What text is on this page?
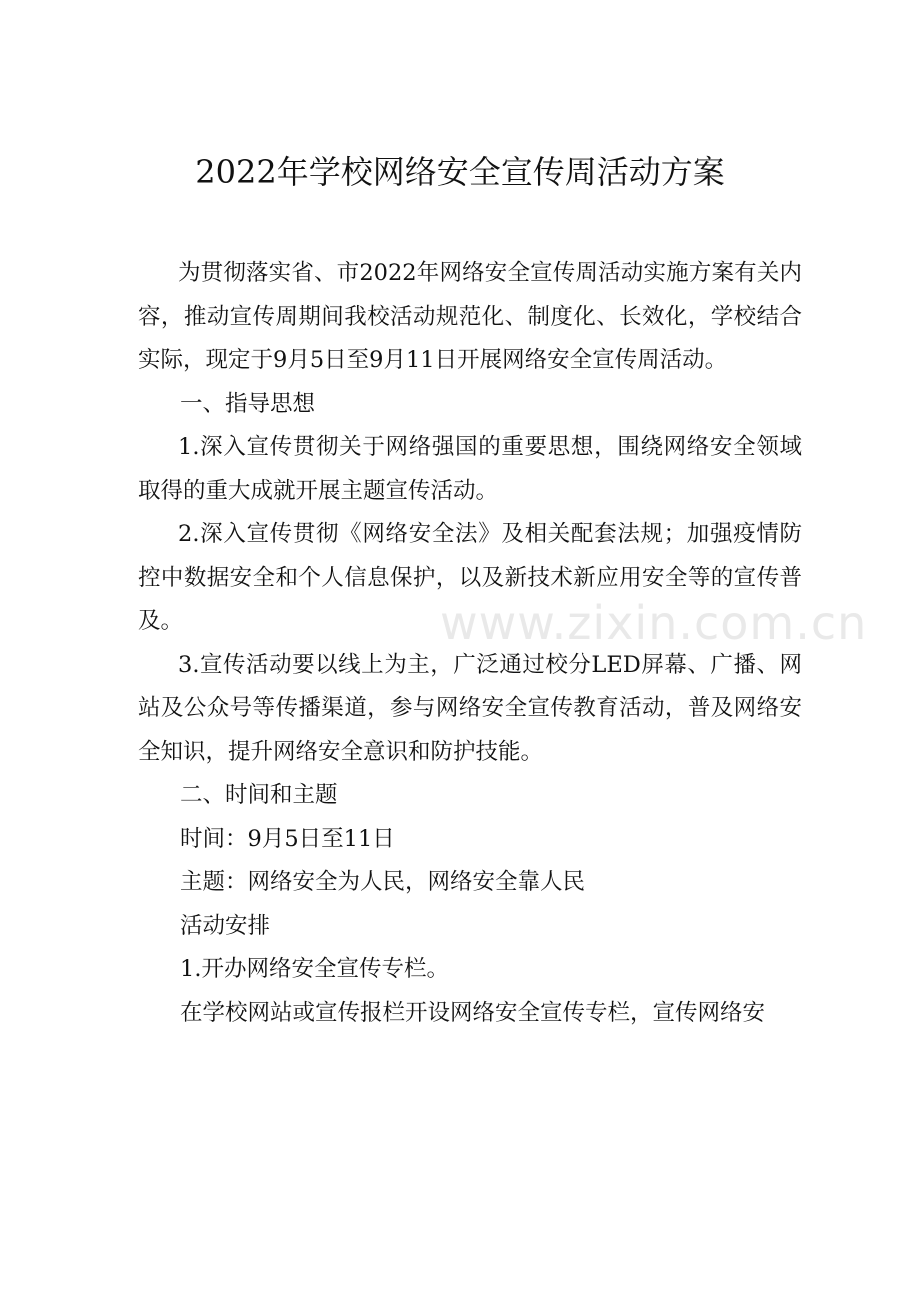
www.zixin.com.cn
2022年学校网络安全宣传周活动方案

为贯彻落实省、市2022年网络安全宣传周活动实施方案有关内容，推动宣传周期间我校活动规范化、制度化、长效化，学校结合实际，现定于9月5日至9月11日开展网络安全宣传周活动。

一、指导思想

1.深入宣传贯彻关于网络强国的重要思想，围绕网络安全领域取得的重大成就开展主题宣传活动。

2.深入宣传贯彻《网络安全法》及相关配套法规；加强疫情防控中数据安全和个人信息保护，以及新技术新应用安全等的宣传普及。

3.宣传活动要以线上为主，广泛通过校分LED屏幕、广播、网站及公众号等传播渠道，参与网络安全宣传教育活动，普及网络安全知识，提升网络安全意识和防护技能。

二、时间和主题

时间：9月5日至11日

主题：网络安全为人民，网络安全靠人民

活动安排

1.开办网络安全宣传专栏。

在学校网站或宣传报栏开设网络安全宣传专栏，宣传网络安
